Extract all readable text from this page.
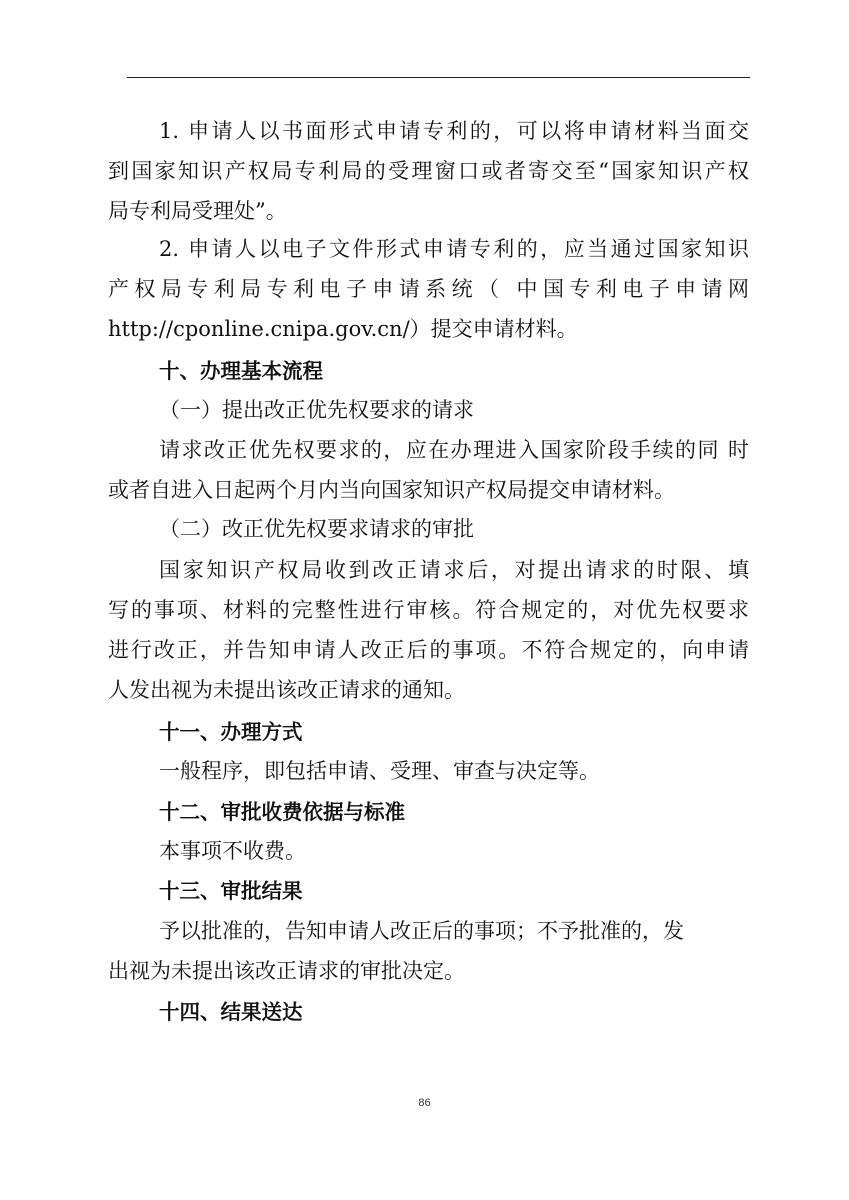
1. 申请人以书面形式申请专利的，可以将申请材料当面交
到国家知识产权局专利局的受理窗口或者寄交至“国家知识产权
局专利局受理处”。
2. 申请人以电子文件形式申请专利的，应当通过国家知识
产权局专利局专利电子申请系统（ 中国专利电子申请网
http://cponline.cnipa.gov.cn/）提交申请材料。
十、办理基本流程
（一）提出改正优先权要求的请求
请求改正优先权要求的，应在办理进入国家阶段手续的同 时
或者自进入日起两个月内当向国家知识产权局提交申请材料。
（二）改正优先权要求请求的审批
国家知识产权局收到改正请求后，对提出请求的时限、填
写的事项、材料的完整性进行审核。符合规定的，对优先权要求
进行改正，并告知申请人改正后的事项。不符合规定的，向申请
人发出视为未提出该改正请求的通知。
十一、办理方式
一般程序，即包括申请、受理、审查与决定等。
十二、审批收费依据与标准
本事项不收费。
十三、审批结果
予以批准的，告知申请人改正后的事项；不予批准的，发
出视为未提出该改正请求的审批决定。
十四、结果送达
86
